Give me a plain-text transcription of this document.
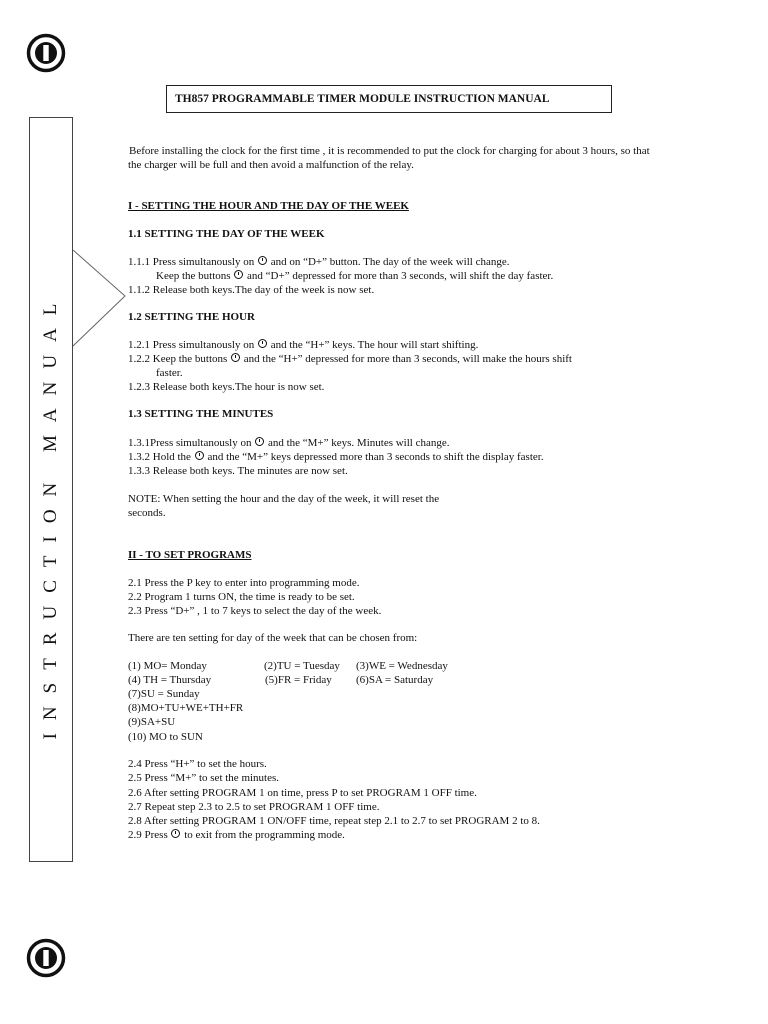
TH857 PROGRAMMABLE TIMER MODULE INSTRUCTION MANUAL
INSTRUCTION MANUAL
Before installing the clock for the first time , it is recommended to put the clock for charging for about 3 hours, so that
the charger will be full and then avoid a malfunction of the relay.
I - SETTING THE HOUR AND THE DAY OF THE WEEK
1.1 SETTING THE DAY OF THE WEEK
1.1.1 Press simultanously on and on “D+” button. The day of the week will change.
Keep the buttons and “D+” depressed for more than 3 seconds, will shift the day faster.
1.1.2 Release both keys.The day of the week is now set.
1.2 SETTING THE HOUR
1.2.1 Press simultanously on and the “H+” keys. The hour will start shifting.
1.2.2 Keep the buttons and the “H+” depressed for more than 3 seconds, will make the hours shift
faster.
1.2.3 Release both keys.The hour is now set.
1.3 SETTING THE MINUTES
1.3.1Press simultanously on and the “M+” keys. Minutes will change.
1.3.2 Hold the and the “M+” keys depressed more than 3 seconds to shift the display faster.
1.3.3 Release both keys. The minutes are now set.
NOTE: When setting the hour and the day of the week, it will reset the
seconds.
II - TO SET PROGRAMS
2.1 Press the P key to enter into programming mode.
2.2 Program 1 turns ON, the time is ready to be set.
2.3 Press “D+” , 1 to 7 keys to select the day of the week.
There are ten setting for day of the week that can be chosen from:
(1) MO= Monday	(2)TU = Tuesday (3)WE = Wednesday
(4) TH = Thursday	(5)FR = Friday (6)SA = Saturday
(7)SU = Sunday
(8)MO+TU+WE+TH+FR
(9)SA+SU
(10) MO to SUN
2.4 Press “H+” to set the hours.
2.5 Press “M+” to set the minutes.
2.6 After setting PROGRAM 1 on time, press P to set PROGRAM 1 OFF time.
2.7 Repeat step 2.3 to 2.5 to set PROGRAM 1 OFF time.
2.8 After setting PROGRAM 1 ON/OFF time, repeat step 2.1 to 2.7 to set PROGRAM 2 to 8.
2.9 Press to exit from the programming mode.
